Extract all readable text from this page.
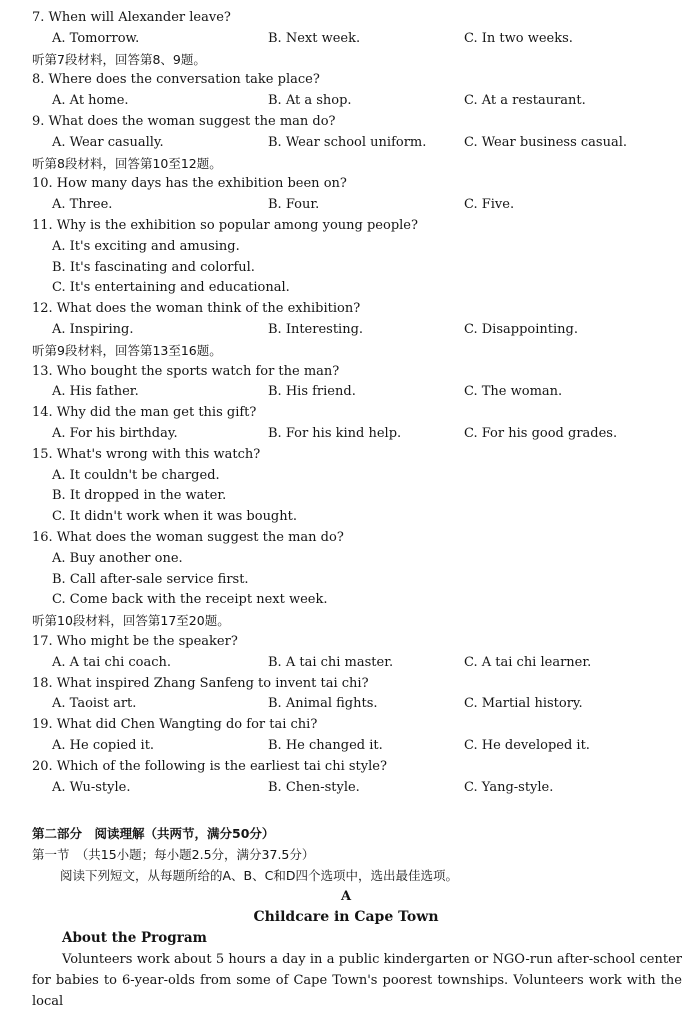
7. When will Alexander leave?
A. Tomorrow.	B. Next week.	C. In two weeks.
听第7段材料，回答第8、9题。
8. Where does the conversation take place?
A. At home.	B. At a shop.	C. At a restaurant.
9. What does the woman suggest the man do?
A. Wear casually.	B. Wear school uniform.	C. Wear business casual.
听第8段材料，回答第10至12题。
10. How many days has the exhibition been on?
A. Three.	B. Four.	C. Five.
11. Why is the exhibition so popular among young people?
A. It's exciting and amusing.
B. It's fascinating and colorful.
C. It's entertaining and educational.
12. What does the woman think of the exhibition?
A. Inspiring.	B. Interesting.	C. Disappointing.
听第9段材料，回答第13至16题。
13. Who bought the sports watch for the man?
A. His father.	B. His friend.	C. The woman.
14. Why did the man get this gift?
A. For his birthday.	B. For his kind help.	C. For his good grades.
15. What's wrong with this watch?
A. It couldn't be charged.
B. It dropped in the water.
C. It didn't work when it was bought.
16. What does the woman suggest the man do?
A. Buy another one.
B. Call after-sale service first.
C. Come back with the receipt next week.
听第10段材料，回答第17至20题。
17. Who might be the speaker?
A. A tai chi coach.	B. A tai chi master.	C. A tai chi learner.
18. What inspired Zhang Sanfeng to invent tai chi?
A. Taoist art.	B. Animal fights.	C. Martial history.
19. What did Chen Wangting do for tai chi?
A. He copied it.	B. He changed it.	C. He developed it.
20. Which of the following is the earliest tai chi style?
A. Wu-style.	B. Chen-style.	C. Yang-style.
第二部分　阅读理解（共两节，满分50分）
第一节　（共15小题；每小题2.5分，满分37.5分）
阅读下列短文，从每题所给的A、B、C和D四个选项中，选出最佳选项。
A
Childcare in Cape Town
About the Program
Volunteers work about 5 hours a day in a public kindergarten or NGO-run after-school center for babies to 6-year-olds from some of Cape Town's poorest townships. Volunteers work with the local
